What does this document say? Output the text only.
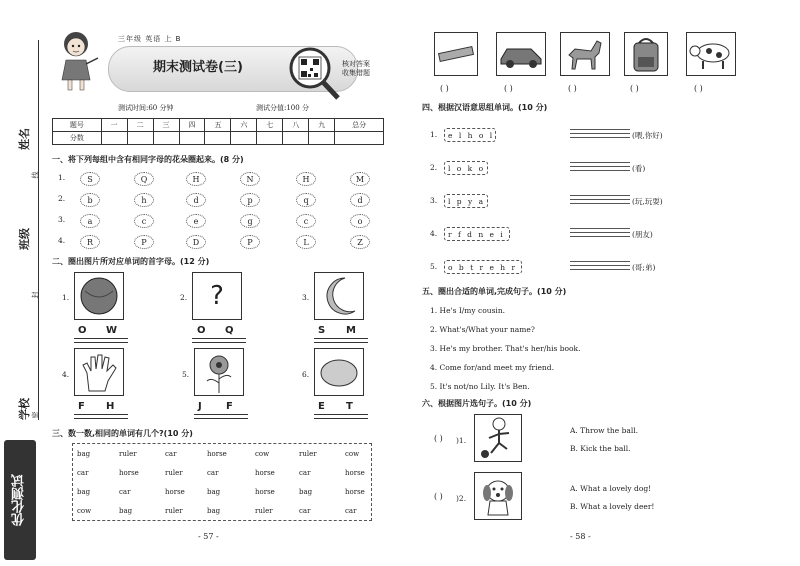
姓名
班级
学校
线
封
密
优化测试
三年级 英语 上 B
期末测试卷(三)	核对答案
收集错题
测试时间:60 分钟	测试分值:100 分
题号	一	二	三	四	五	六	七	八	九	总分
分数										
一、将下列每组中含有相同字母的花朵圈起来。(8 分)
1.	S	Q	H	N	H	M
2.	b	h	d	p	q	d
3.	a	c	e	g	c	o
4.	R	P	D	P	L	Z
二、圈出图片所对应单词的首字母。(12 分)
1.
O W
2. ?
O Q
3.
S M
4.
F H
5.
J F
6.
E T
三、数一数,相同的单词有几个?(10 分)
bag	ruler	car	horse	cow	ruler	cow
car	horse	ruler	car	horse	car	horse
bag	car	horse	bag	horse	bag	horse
cow	bag	ruler	bag	ruler	car	car
- 57 -
( )	( )	( )	( )	( )
四、根据汉语意思组单词。(10 分)
1.	e l h o l	(喂,你好)
2.	l o k o	(看)
3.	l p y a	(玩,玩耍)
4.	r f d n e i	(朋友)
5.	o b t r e h r	(哥;弟)
五、圈出合适的单词,完成句子。(10 分)
1. He's I/my cousin.
2. What's/What your name?
3. He's my brother. That's her/his book.
4. Come for/and meet my friend.
5. It's not/no Lily. It's Ben.
六、根据图片选句子。(10 分)
( ) )1.
A. Throw the ball.
B. Kick the ball.
( ) )2.
A. What a lovely dog!
B. What a lovely deer!
- 58 -
